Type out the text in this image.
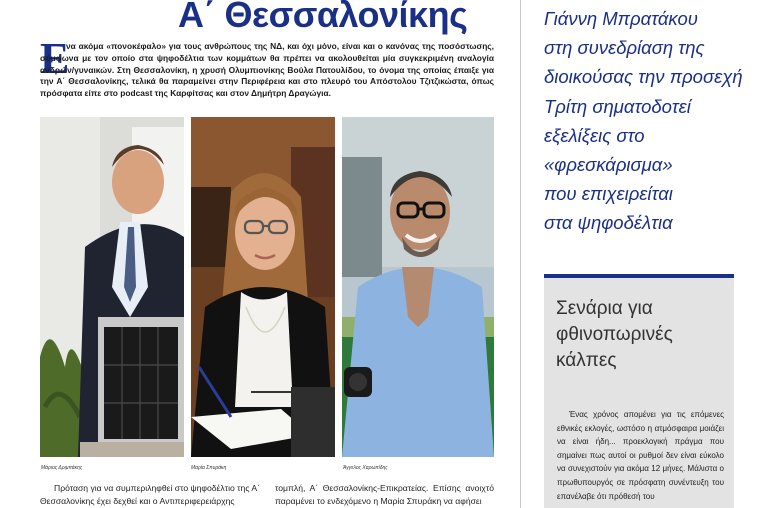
Α΄ Θεσσαλονίκης
Ε
να ακόμα «πονοκέφαλο» για τους ανθρώπους της ΝΔ, και όχι μόνο, είναι και ο κανόνας της ποσόστωσης, σύμφωνα με τον οποίο στα ψηφοδέλτια των κομμάτων θα πρέπει να ακολουθείται μία συγκεκριμένη αναλογία ανδρών/γυναικών. Στη Θεσσαλονίκη, η χρυσή Ολυμπιονίκης Βούλα Πατουλίδου, το όνομα της οποίας έπαιξε για την Α΄ Θεσσαλονίκης, τελικά θα παραμείνει στην Περιφέρεια και στο πλευρό του Απόστολου Τζιτζικώστα, όπως πρόσφατα είπε στο podcast της Καρφίτσας και στον Δημήτρη Δραγώγια.
Μάριος Δριμπάκης	Μαρία Σπυράκη	Άγγελος Χαρωπίδης
Πρόταση για να συμπεριληφθεί στο ψηφοδέλτιο της Α΄ Θεσσαλονίκης έχει δεχθεί και ο Αντιπεριφερειάρχης
τομπλή, Α΄ Θεσσαλονίκης-Επικρατείας. Επίσης ανοιχτό παραμένει το ενδεχόμενο η Μαρία Σπυράκη να αφήσει
Γιάννη Μπρατάκου
στη συνεδρίαση της
διοικούσας την προσεχή
Τρίτη σηματοδοτεί
εξελίξεις στο
«φρεσκάρισμα»
που επιχειρείται
στα ψηφοδέλτια
Σενάρια για
φθινοπωρινές
κάλπες
Ένας χρόνος απομένει για τις επόμενες εθνικές εκλογές, ωστόσο η ατμόσφαιρα μοιάζει να είναι ήδη... προεκλογική πράγμα που σημαίνει πως αυτοί οι ρυθμοί δεν είναι εύκολο να συνεχιστούν για ακόμα 12 μήνες. Μάλιστα ο πρωθυπουργός σε πρόσφατη συνέντευξη του επανέλαβε ότι πρόθεσή του
